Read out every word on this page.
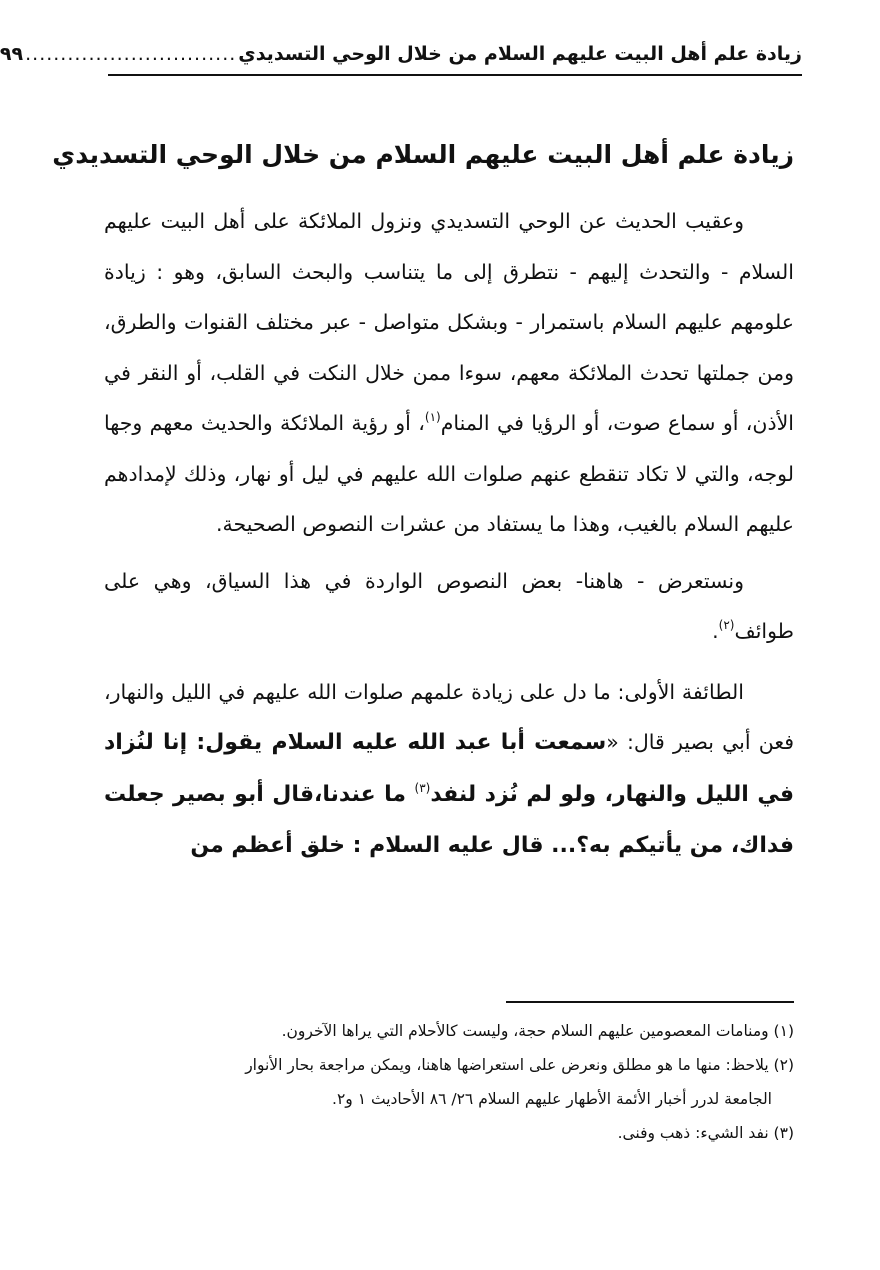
زيادة علم أهل البيت عليهم السلام من خلال الوحي التسديدي
..............................
٩٩
زيادة علم أهل البيت عليهم السلام من خلال الوحي التسديدي

وعقيب الحديث عن الوحي التسديدي ونزول الملائكة على أهل البيت عليهم السلام - والتحدث إليهم - نتطرق إلى ما يتناسب والبحث السابق، وهو : زيادة علومهم عليهم السلام باستمرار - وبشكل متواصل - عبر مختلف القنوات والطرق، ومن جملتها تحدث الملائكة معهم، سوءا ممن خلال النكت في القلب، أو النقر في الأذن، أو سماع صوت، أو الرؤيا في المنام$^{(١)}$، أو رؤية الملائكة والحديث معهم وجها لوجه، والتي لا تكاد تنقطع عنهم صلوات الله عليهم في ليل أو نهار، وذلك لإمدادهم عليهم السلام بالغيب، وهذا ما يستفاد من عشرات النصوص الصحيحة.

ونستعرض - هاهنا- بعض النصوص الواردة في هذا السياق، وهي على طوائف$^{(٢)}$.

الطائفة الأولى: ما دل على زيادة علمهم صلوات الله عليهم في الليل والنهار، فعن أبي بصير قال: «سمعت أبا عبد الله عليه السلام يقول: إنا لنُزاد في الليل والنهار، ولو لم نُزد لنفد$^{(٣)}$ ما عندنا،قال أبو بصير جعلت فداك، من يأتيكم به؟... قال عليه السلام : خلق أعظم من

(١) ومنامات المعصومين عليهم السلام حجة، وليست كالأحلام التي يراها الآخرون.

(٢) يلاحظ: منها ما هو مطلق ونعرض على استعراضها هاهنا، ويمكن مراجعة بحار الأنوار

الجامعة لدرر أخبار الأئمة الأطهار عليهم السلام ٢٦/ ٨٦ الأحاديث ١ و٢.

(٣) نفد الشيء: ذهب وفنى.
